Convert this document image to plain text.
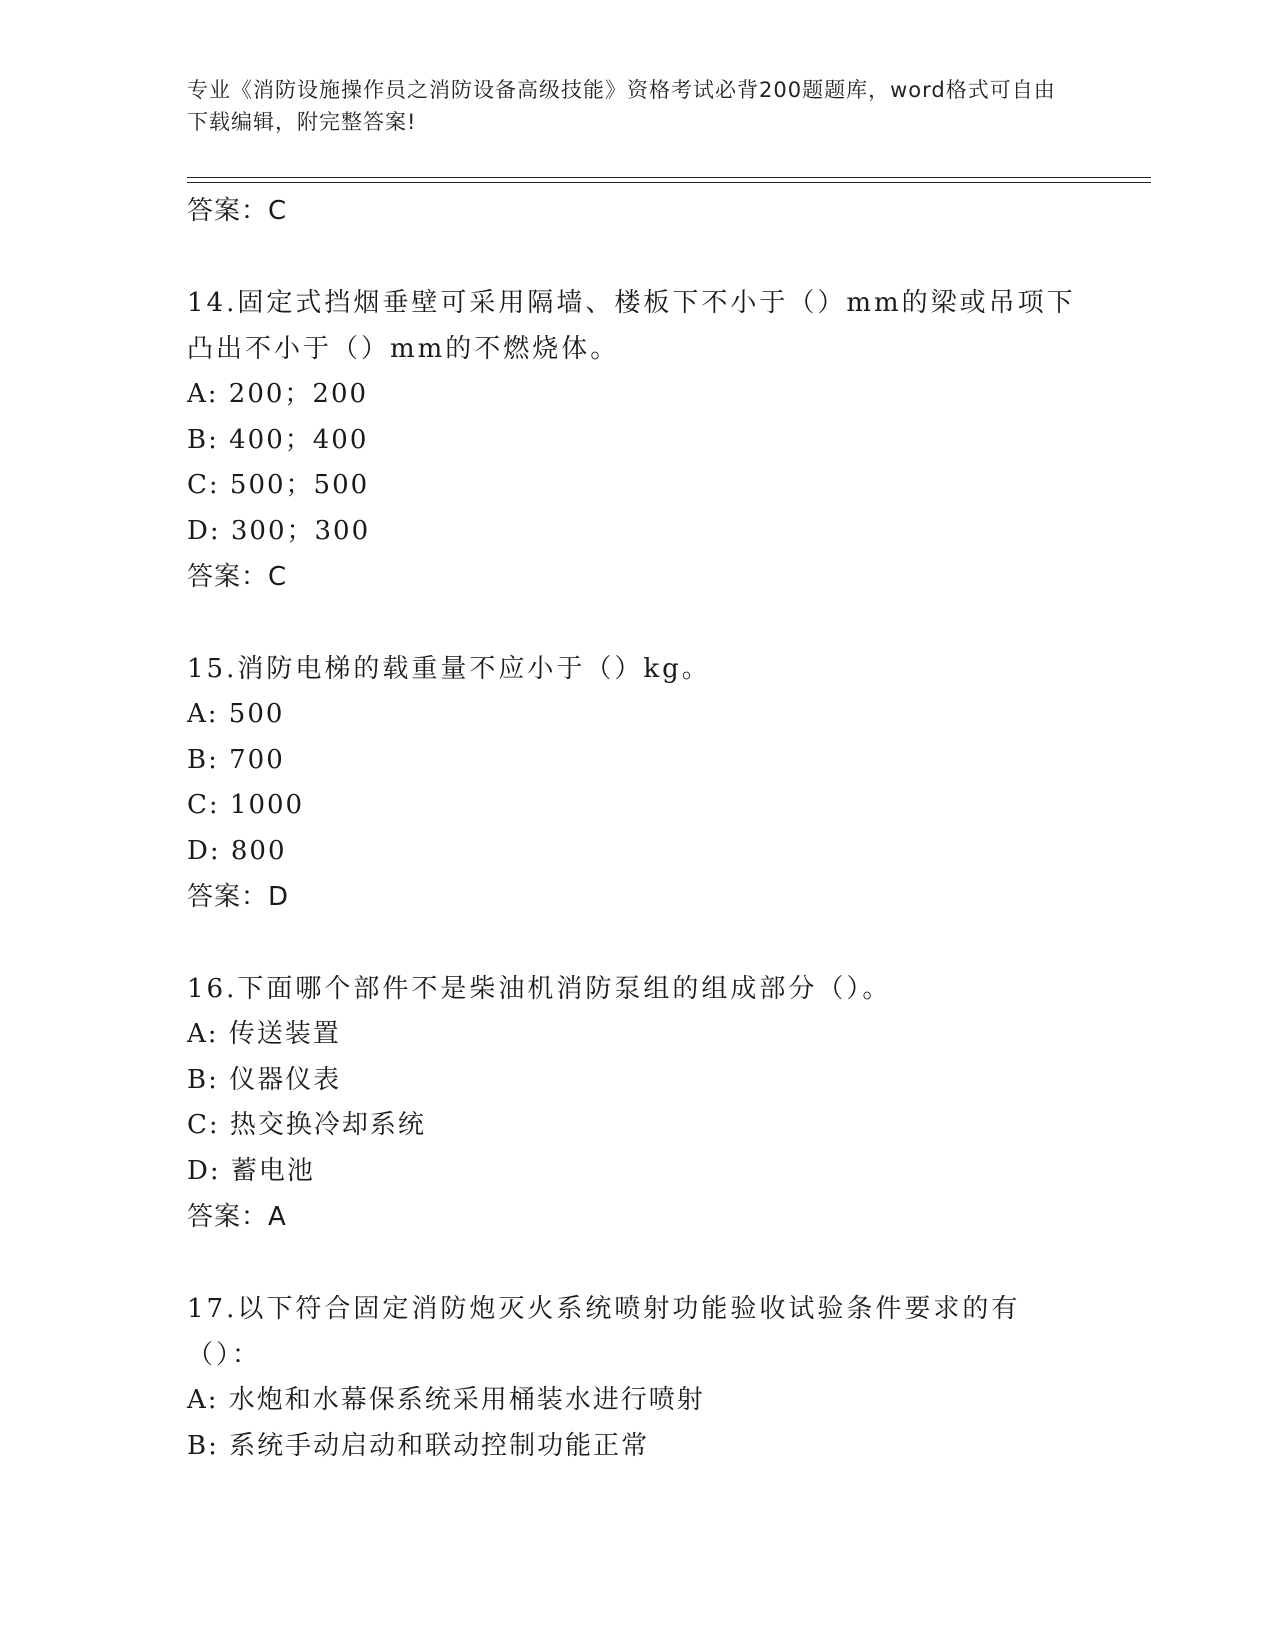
专业《消防设施操作员之消防设备高级技能》资格考试必背200题题库，word格式可自由下载编辑，附完整答案!
答案：C
14.固定式挡烟垂壁可采用隔墙、楼板下不小于（）mm的梁或吊项下凸出不小于（）mm的不燃烧体。
A: 200；200
B: 400；400
C: 500；500
D: 300；300
答案：C
15.消防电梯的载重量不应小于（）kg。
A: 500
B: 700
C: 1000
D: 800
答案：D
16.下面哪个部件不是柴油机消防泵组的组成部分（）。
A: 传送装置
B: 仪器仪表
C: 热交换冷却系统
D: 蓄电池
答案：A
17.以下符合固定消防炮灭火系统喷射功能验收试验条件要求的有（）：
A: 水炮和水幕保系统采用桶装水进行喷射
B: 系统手动启动和联动控制功能正常
